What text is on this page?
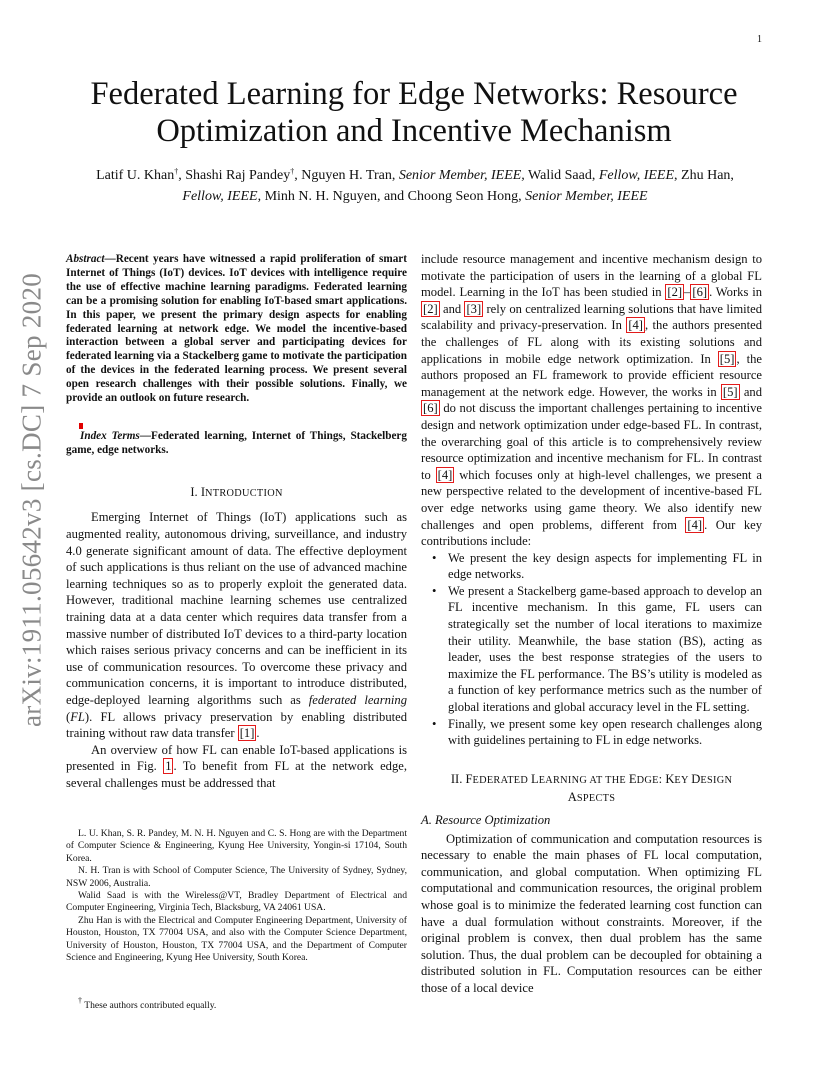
1
arXiv:1911.05642v3 [cs.DC] 7 Sep 2020
Federated Learning for Edge Networks: Resource
Optimization and Incentive Mechanism
Latif U. Khan†, Shashi Raj Pandey†, Nguyen H. Tran, Senior Member, IEEE, Walid Saad, Fellow, IEEE, Zhu Han, Fellow, IEEE, Minh N. H. Nguyen, and Choong Seon Hong, Senior Member, IEEE
Abstract—Recent years have witnessed a rapid proliferation of smart Internet of Things (IoT) devices. IoT devices with intelligence require the use of effective machine learning paradigms. Federated learning can be a promising solution for enabling IoT-based smart applications. In this paper, we present the primary design aspects for enabling federated learning at network edge. We model the incentive-based interaction between a global server and participating devices for federated learning via a Stackelberg game to motivate the participation of the devices in the federated learning process. We present several open research challenges with their possible solutions. Finally, we provide an outlook on future research.
Index Terms—Federated learning, Internet of Things, Stackelberg game, edge networks.
I. INTRODUCTION

Emerging Internet of Things (IoT) applications such as augmented reality, autonomous driving, surveillance, and industry 4.0 generate significant amount of data. The effective deployment of such applications is thus reliant on the use of advanced machine learning techniques so as to properly exploit the generated data. However, traditional machine learning schemes use centralized training data at a data center which requires data transfer from a massive number of distributed IoT devices to a third-party location which raises serious privacy concerns and can be inefficient in its use of communication resources. To overcome these privacy and communication concerns, it is important to introduce distributed, edge-deployed learning algorithms such as federated learning (FL). FL allows privacy preservation by enabling distributed training without raw data transfer [1] .

An overview of how FL can enable IoT-based applications is presented in Fig. 1 . To benefit from FL at the network edge, several challenges must be addressed that

L. U. Khan, S. R. Pandey, M. N. H. Nguyen and C. S. Hong are with the Department of Computer Science & Engineering, Kyung Hee University, Yongin-si 17104, South Korea.

N. H. Tran is with School of Computer Science, The University of Sydney, Sydney, NSW 2006, Australia.

Walid Saad is with the Wireless@VT, Bradley Department of Electrical and Computer Engineering, Virginia Tech, Blacksburg, VA 24061 USA.

Zhu Han is with the Electrical and Computer Engineering Department, University of Houston, Houston, TX 77004 USA, and also with the Computer Science Department, University of Houston, Houston, TX 77004 USA, and the Department of Computer Science and Engineering, Kyung Hee University, South Korea.

† These authors contributed equally.

include resource management and incentive mechanism design to motivate the participation of users in the learning of a global FL model. Learning in the IoT has been studied in [2] – [6] . Works in [2] and [3] rely on centralized learning solutions that have limited scalability and privacy-preservation. In [4] , the authors presented the challenges of FL along with its existing solutions and applications in mobile edge network optimization. In [5] , the authors proposed an FL framework to provide efficient resource management at the network edge. However, the works in [5] and [6] do not discuss the important challenges pertaining to incentive design and network optimization under edge-based FL. In contrast, the overarching goal of this article is to comprehensively review resource optimization and incentive mechanism for FL. In contrast to [4] which focuses only at high-level challenges, we present a new perspective related to the development of incentive-based FL over edge networks using game theory. We also identify new challenges and open problems, different from [4] . Our key contributions include:

• We present the key design aspects for implementing FL in edge networks.
• We present a Stackelberg game-based approach to develop an FL incentive mechanism. In this game, FL users can strategically set the number of local iterations to maximize their utility. Meanwhile, the base station (BS), acting as leader, uses the best response strategies of the users to maximize the FL performance. The BS’s utility is modeled as a function of key performance metrics such as the number of global iterations and global accuracy level in the FL setting.
• Finally, we present some key open research challenges along with guidelines pertaining to FL in edge networks.
II. FEDERATED LEARNING AT THE EDGE: KEY DESIGN
ASPECTS
A. Resource Optimization

Optimization of communication and computation resources is necessary to enable the main phases of FL local computation, communication, and global computation. When optimizing FL computational and communication resources, the original problem whose goal is to minimize the federated learning cost function can have a dual formulation without constraints. Moreover, if the original problem is convex, then dual problem has the same solution. Thus, the dual problem can be decoupled for obtaining a distributed solution in FL. Computation resources can be either those of a local device
